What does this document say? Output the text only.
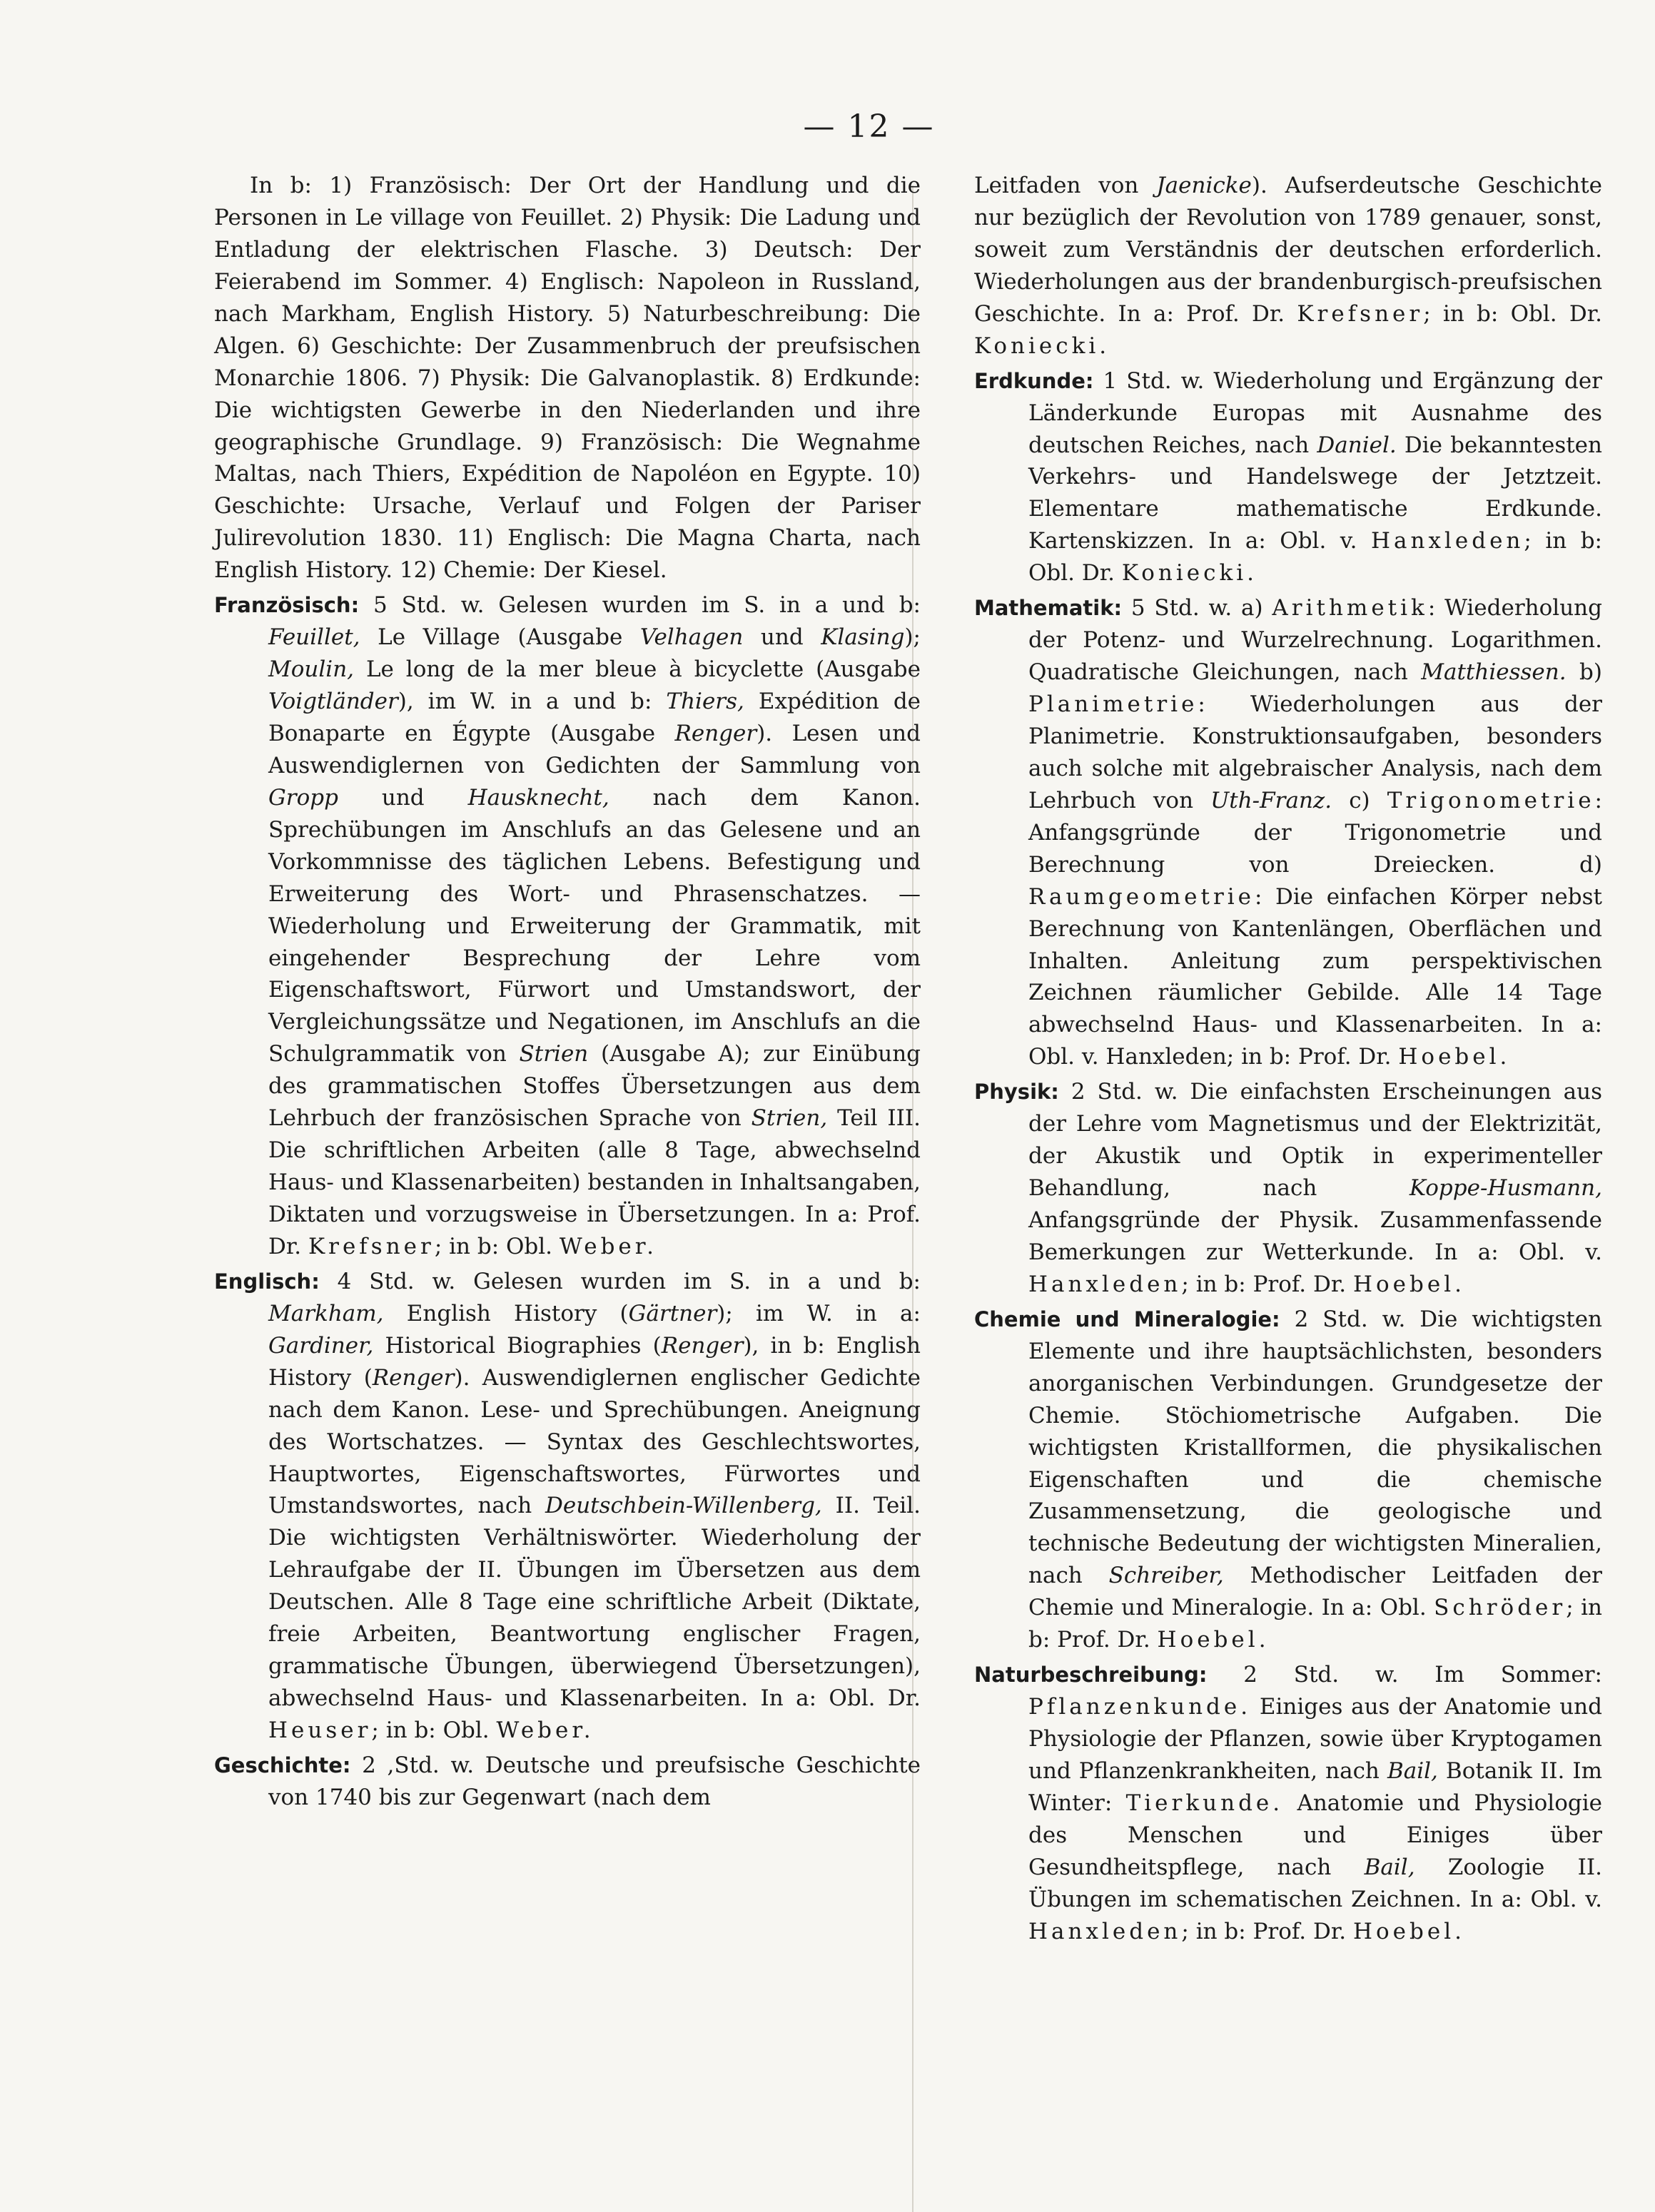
— 12 —

In b: 1) Französisch: Der Ort der Handlung und die Personen in Le village von Feuillet. 2) Physik: Die Ladung und Entladung der elektrischen Flasche. 3) Deutsch: Der Feierabend im Sommer. 4) Englisch: Napoleon in Russland, nach Markham, English History. 5) Naturbeschreibung: Die Algen. 6) Geschichte: Der Zusammenbruch der preufsischen Monarchie 1806. 7) Physik: Die Galvanoplastik. 8) Erdkunde: Die wichtigsten Gewerbe in den Niederlanden und ihre geographische Grundlage. 9) Französisch: Die Wegnahme Maltas, nach Thiers, Expédition de Napoléon en Egypte. 10) Geschichte: Ursache, Verlauf und Folgen der Pariser Julirevolution 1830. 11) Englisch: Die Magna Charta, nach English History. 12) Chemie: Der Kiesel.

Französisch: 5 Std. w. Gelesen wurden im S. in a und b: Feuillet, Le Village (Ausgabe Velhagen und Klasing); Moulin, Le long de la mer bleue à bicyclette (Ausgabe Voigtländer), im W. in a und b: Thiers, Expédition de Bonaparte en Égypte (Ausgabe Renger). Lesen und Auswendiglernen von Gedichten der Sammlung von Gropp und Hausknecht, nach dem Kanon. Sprechübungen im Anschlufs an das Gelesene und an Vorkommnisse des täglichen Lebens. Befestigung und Erweiterung des Wort- und Phrasenschatzes. — Wiederholung und Erweiterung der Grammatik, mit eingehender Besprechung der Lehre vom Eigenschaftswort, Fürwort und Umstandswort, der Vergleichungssätze und Negationen, im Anschlufs an die Schulgrammatik von Strien (Ausgabe A); zur Einübung des grammatischen Stoffes Übersetzungen aus dem Lehrbuch der französischen Sprache von Strien, Teil III. Die schriftlichen Arbeiten (alle 8 Tage, abwechselnd Haus- und Klassenarbeiten) bestanden in Inhaltsangaben, Diktaten und vorzugsweise in Übersetzungen. In a: Prof. Dr. Krefsner; in b: Obl. Weber.

Englisch: 4 Std. w. Gelesen wurden im S. in a und b: Markham, English History (Gärtner); im W. in a: Gardiner, Historical Biographies (Renger), in b: English History (Renger). Auswendiglernen englischer Gedichte nach dem Kanon. Lese- und Sprechübungen. Aneignung des Wortschatzes. — Syntax des Geschlechtswortes, Hauptwortes, Eigenschaftswortes, Fürwortes und Umstandswortes, nach Deutschbein-Willenberg, II. Teil. Die wichtigsten Verhältniswörter. Wiederholung der Lehraufgabe der II. Übungen im Übersetzen aus dem Deutschen. Alle 8 Tage eine schriftliche Arbeit (Diktate, freie Arbeiten, Beantwortung englischer Fragen, grammatische Übungen, überwiegend Übersetzungen), abwechselnd Haus- und Klassenarbeiten. In a: Obl. Dr. Heuser; in b: Obl. Weber.

Geschichte: 2 ,Std. w. Deutsche und preufsische Geschichte von 1740 bis zur Gegenwart (nach dem

Leitfaden von Jaenicke). Aufserdeutsche Geschichte nur bezüglich der Revolution von 1789 genauer, sonst, soweit zum Verständnis der deutschen erforderlich. Wiederholungen aus der brandenburgisch-preufsischen Geschichte. In a: Prof. Dr. Krefsner; in b: Obl. Dr. Koniecki.

Erdkunde: 1 Std. w. Wiederholung und Ergänzung der Länderkunde Europas mit Ausnahme des deutschen Reiches, nach Daniel. Die bekanntesten Verkehrs- und Handelswege der Jetztzeit. Elementare mathematische Erdkunde. Kartenskizzen. In a: Obl. v. Hanxleden; in b: Obl. Dr. Koniecki.

Mathematik: 5 Std. w. a) Arithmetik: Wiederholung der Potenz- und Wurzelrechnung. Logarithmen. Quadratische Gleichungen, nach Matthiessen. b) Planimetrie: Wiederholungen aus der Planimetrie. Konstruktionsaufgaben, besonders auch solche mit algebraischer Analysis, nach dem Lehrbuch von Uth-Franz. c) Trigonometrie: Anfangsgründe der Trigonometrie und Berechnung von Dreiecken. d) Raumgeometrie: Die einfachen Körper nebst Berechnung von Kantenlängen, Oberflächen und Inhalten. Anleitung zum perspektivischen Zeichnen räumlicher Gebilde. Alle 14 Tage abwechselnd Haus- und Klassenarbeiten. In a: Obl. v. Hanxleden; in b: Prof. Dr. Hoebel.

Physik: 2 Std. w. Die einfachsten Erscheinungen aus der Lehre vom Magnetismus und der Elektrizität, der Akustik und Optik in experimenteller Behandlung, nach	Koppe-Husmann, Anfangsgründe der Physik. Zusammenfassende Bemerkungen zur Wetterkunde. In a: Obl. v. Hanxleden; in b: Prof. Dr. Hoebel.

Chemie und Mineralogie: 2 Std. w. Die wichtigsten Elemente und ihre hauptsächlichsten, besonders anorganischen Verbindungen. Grundgesetze der Chemie. Stöchiometrische Aufgaben. Die wichtigsten Kristallformen, die physikalischen Eigenschaften und die chemische Zusammensetzung, die geologische und technische Bedeutung der wichtigsten Mineralien, nach Schreiber, Methodischer Leitfaden der Chemie und Mineralogie. In a: Obl. Schröder; in b: Prof. Dr. Hoebel.

Naturbeschreibung: 2 Std. w. Im Sommer: Pflanzenkunde. Einiges aus der Anatomie und Physiologie der Pflanzen, sowie über Kryptogamen und Pflanzenkrankheiten, nach Bail, Botanik II. Im Winter: Tierkunde. Anatomie und Physiologie des Menschen und Einiges über Gesundheitspflege, nach Bail, Zoologie II. Übungen im schematischen Zeichnen. In a: Obl. v. Hanxleden; in b: Prof. Dr. Hoebel.
